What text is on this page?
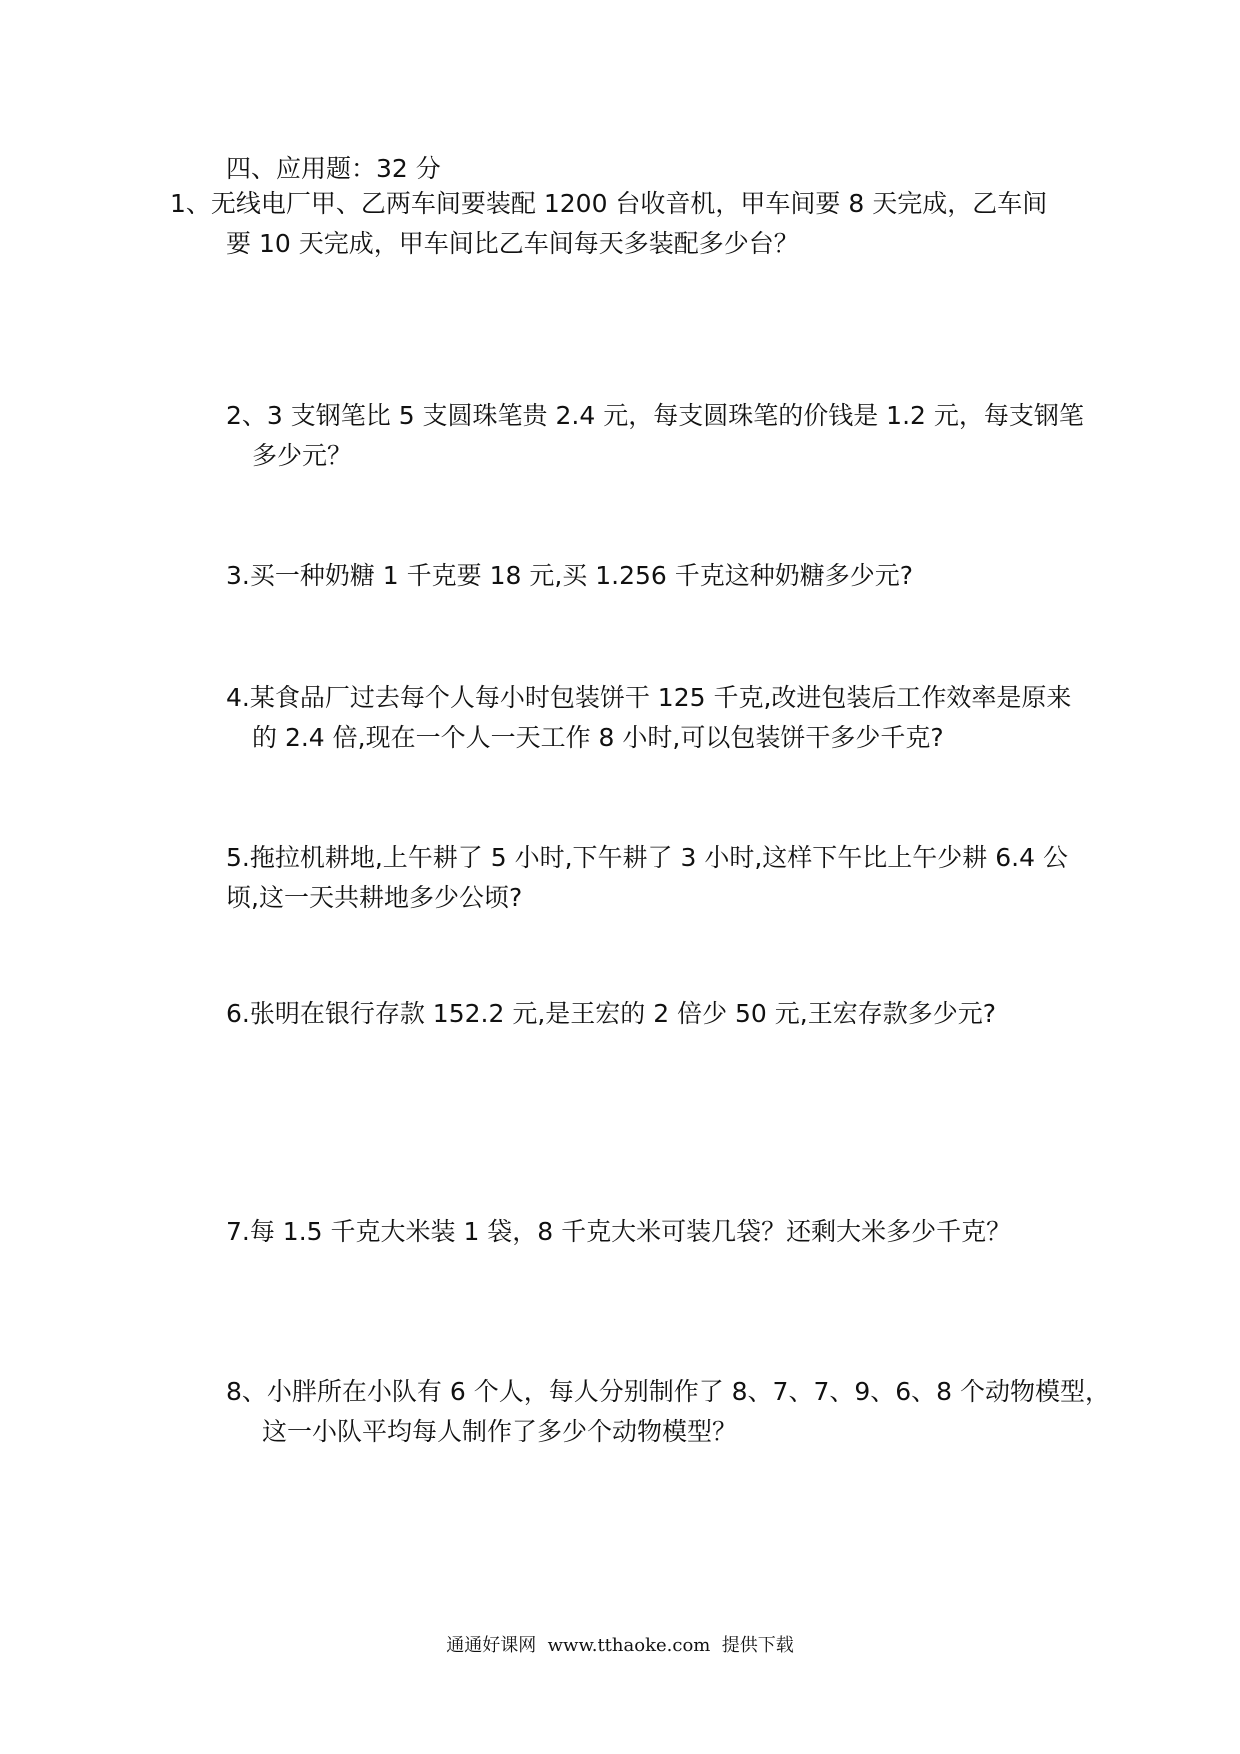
四、应用题：32 分
1、无线电厂甲、乙两车间要装配 1200 台收音机，甲车间要 8 天完成，乙车间
要 10 天完成，甲车间比乙车间每天多装配多少台？
2、3 支钢笔比 5 支圆珠笔贵 2.4 元，每支圆珠笔的价钱是 1.2 元，每支钢笔
多少元？
3.买一种奶糖 1 千克要 18 元,买 1.256 千克这种奶糖多少元?
4.某食品厂过去每个人每小时包装饼干 125 千克,改进包装后工作效率是原来
的 2.4 倍,现在一个人一天工作 8 小时,可以包装饼干多少千克?
5.拖拉机耕地,上午耕了 5 小时,下午耕了 3 小时,这样下午比上午少耕 6.4 公
顷,这一天共耕地多少公顷?
6.张明在银行存款 152.2 元,是王宏的 2 倍少 50 元,王宏存款多少元?
7.每 1.5 千克大米装 1 袋，8 千克大米可装几袋？还剩大米多少千克？
8、小胖所在小队有 6 个人，每人分别制作了 8、7、7、9、6、8 个动物模型，
这一小队平均每人制作了多少个动物模型？
通通好课网  www.tthaoke.com  提供下载
